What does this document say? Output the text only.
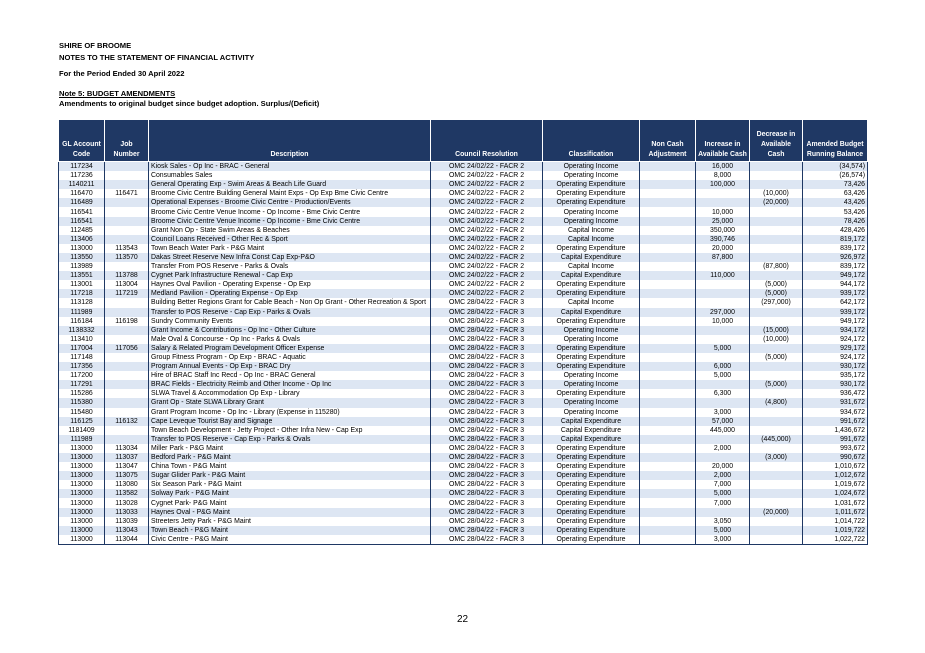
SHIRE OF BROOME
NOTES TO THE STATEMENT OF FINANCIAL ACTIVITY
For the Period Ended 30 April 2022
Note 5: BUDGET AMENDMENTS
Amendments to original budget since budget adoption. Surplus/(Deficit)
GL Account Code	Job Number	Description	Council Resolution	Classification	Non Cash Adjustment	Increase in Available Cash	Decrease in Available Cash	Amended Budget Running Balance
117234		Kiosk Sales - Op Inc - BRAC - General	OMC 24/02/22 - FACR 2	Operating Income		16,000		(34,574)
117236		Consumables Sales	OMC 24/02/22 - FACR 2	Operating Income		8,000		(26,574)
1140211		General Operating Exp - Swim Areas & Beach Life Guard	OMC 24/02/22 - FACR 2	Operating Expenditure		100,000		73,426
116470	116471	Broome Civic Centre Building General Maint Exps - Op Exp Bme Civic Centre	OMC 24/02/22 - FACR 2	Operating Expenditure			(10,000)	63,426
116489		Operational Expenses - Broome Civic Centre - Production/Events	OMC 24/02/22 - FACR 2	Operating Expenditure			(20,000)	43,426
116541		Broome Civic Centre Venue Income - Op Income - Bme Civic Centre	OMC 24/02/22 - FACR 2	Operating Income		10,000		53,426
116541		Broome Civic Centre Venue Income - Op Income - Bme Civic Centre	OMC 24/02/22 - FACR 2	Operating Income		25,000		78,426
112485		Grant Non Op - State Swim Areas & Beaches	OMC 24/02/22 - FACR 2	Capital Income		350,000		428,426
113406		Council Loans Received - Other Rec & Sport	OMC 24/02/22 - FACR 2	Capital Income		390,746		819,172
113000	113543	Town Beach Water Park - P&G Maint	OMC 24/02/22 - FACR 2	Operating Expenditure		20,000		839,172
113550	113570	Dakas Street Reserve New Infra Const Cap Exp-P&O	OMC 24/02/22 - FACR 2	Capital Expenditure		87,800		926,972
113989		Transfer From POS Reserve - Parks & Ovals	OMC 24/02/22 - FACR 2	Capital Income			(87,800)	839,172
113551	113788	Cygnet Park Infrastructure Renewal - Cap Exp	OMC 24/02/22 - FACR 2	Capital Expenditure		110,000		949,172
113001	113004	Haynes Oval Pavilion - Operating Expense - Op Exp	OMC 24/02/22 - FACR 2	Operating Expenditure			(5,000)	944,172
117218	117219	Medland Pavilion - Operating Expense - Op Exp	OMC 24/02/22 - FACR 2	Operating Expenditure			(5,000)	939,172
113128		Building Better Regions Grant for Cable Beach - Non Op Grant - Other Recreation & Sport	OMC 28/04/22 - FACR 3	Capital Income			(297,000)	642,172
111989		Transfer to POS Reserve - Cap Exp - Parks & Ovals	OMC 28/04/22 - FACR 3	Capital Expenditure		297,000		939,172
116184	116198	Sundry Community Events	OMC 28/04/22 - FACR 3	Operating Expenditure		10,000		949,172
1138332		Grant Income & Contributions - Op Inc - Other Culture	OMC 28/04/22 - FACR 3	Operating Income			(15,000)	934,172
113410		Male Oval & Concourse - Op Inc - Parks & Ovals	OMC 28/04/22 - FACR 3	Operating Income			(10,000)	924,172
117004	117056	Salary & Related Program Development Officer Expense	OMC 28/04/22 - FACR 3	Operating Expenditure		5,000		929,172
117148		Group Fitness Program - Op Exp - BRAC - Aquatic	OMC 28/04/22 - FACR 3	Operating Expenditure			(5,000)	924,172
117356		Program Annual Events - Op Exp - BRAC Dry	OMC 28/04/22 - FACR 3	Operating Expenditure		6,000		930,172
117200		Hire of BRAC Staff Inc Recd - Op Inc - BRAC General	OMC 28/04/22 - FACR 3	Operating Income		5,000		935,172
117291		BRAC Fields - Electricity Reimb and Other Income - Op Inc	OMC 28/04/22 - FACR 3	Operating Income			(5,000)	930,172
115286		SLWA Travel & Accommodation Op Exp - Library	OMC 28/04/22 - FACR 3	Operating Expenditure		6,300		936,472
115380		Grant Op - State SLWA Library Grant	OMC 28/04/22 - FACR 3	Operating Income			(4,800)	931,672
115480		Grant Program Income - Op Inc - Library (Expense in 115280)	OMC 28/04/22 - FACR 3	Operating Income		3,000		934,672
116125	116132	Cape Leveque Tourist Bay and Signage	OMC 28/04/22 - FACR 3	Capital Expenditure		57,000		991,672
1181409		Town Beach Development - Jetty Project - Other Infra New - Cap Exp	OMC 28/04/22 - FACR 3	Capital Expenditure		445,000		1,436,672
111989		Transfer to POS Reserve - Cap Exp - Parks & Ovals	OMC 28/04/22 - FACR 3	Capital Expenditure			(445,000)	991,672
113000	113034	Miller Park - P&G Maint	OMC 28/04/22 - FACR 3	Operating Expenditure		2,000		993,672
113000	113037	Bedford Park - P&G Maint	OMC 28/04/22 - FACR 3	Operating Expenditure			(3,000)	990,672
113000	113047	China Town - P&G Maint	OMC 28/04/22 - FACR 3	Operating Expenditure		20,000		1,010,672
113000	113075	Sugar Glider Park - P&G Maint	OMC 28/04/22 - FACR 3	Operating Expenditure		2,000		1,012,672
113000	113080	Six Season Park - P&G Maint	OMC 28/04/22 - FACR 3	Operating Expenditure		7,000		1,019,672
113000	113582	Solway Park - P&G Maint	OMC 28/04/22 - FACR 3	Operating Expenditure		5,000		1,024,672
113000	113028	Cygnet Park- P&G Maint	OMC 28/04/22 - FACR 3	Operating Expenditure		7,000		1,031,672
113000	113033	Haynes Oval - P&G Maint	OMC 28/04/22 - FACR 3	Operating Expenditure			(20,000)	1,011,672
113000	113039	Streeters Jetty Park - P&G Maint	OMC 28/04/22 - FACR 3	Operating Expenditure		3,050		1,014,722
113000	113043	Town Beach - P&G Maint	OMC 28/04/22 - FACR 3	Operating Expenditure		5,000		1,019,722
113000	113044	Civic Centre - P&G Maint	OMC 28/04/22 - FACR 3	Operating Expenditure		3,000		1,022,722
22
